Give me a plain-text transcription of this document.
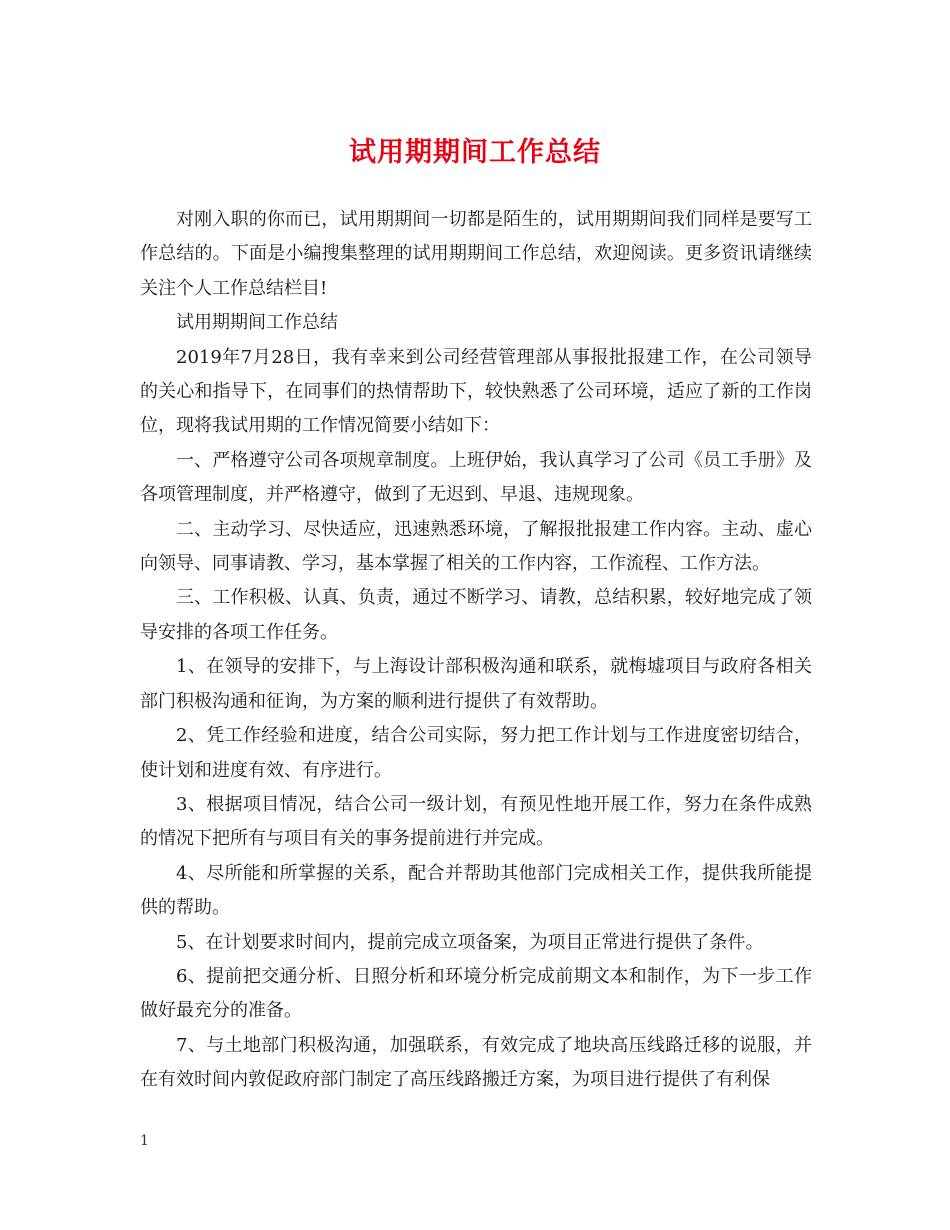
试用期期间工作总结

对刚入职的你而已，试用期期间一切都是陌生的，试用期期间我们同样是要写工作总结的。下面是小编搜集整理的试用期期间工作总结，欢迎阅读。更多资讯请继续关注个人工作总结栏目!

试用期期间工作总结

2019年7月28日，我有幸来到公司经营管理部从事报批报建工作，在公司领导的关心和指导下，在同事们的热情帮助下，较快熟悉了公司环境，适应了新的工作岗位，现将我试用期的工作情况简要小结如下：

一、严格遵守公司各项规章制度。上班伊始，我认真学习了公司《员工手册》及各项管理制度，并严格遵守，做到了无迟到、早退、违规现象。

二、主动学习、尽快适应，迅速熟悉环境，了解报批报建工作内容。主动、虚心向领导、同事请教、学习，基本掌握了相关的工作内容，工作流程、工作方法。

三、工作积极、认真、负责，通过不断学习、请教，总结积累，较好地完成了领导安排的各项工作任务。

1、在领导的安排下，与上海设计部积极沟通和联系，就梅墟项目与政府各相关部门积极沟通和征询，为方案的顺利进行提供了有效帮助。

2、凭工作经验和进度，结合公司实际，努力把工作计划与工作进度密切结合，使计划和进度有效、有序进行。

3、根据项目情况，结合公司一级计划，有预见性地开展工作，努力在条件成熟的情况下把所有与项目有关的事务提前进行并完成。

4、尽所能和所掌握的关系，配合并帮助其他部门完成相关工作，提供我所能提供的帮助。

5、在计划要求时间内，提前完成立项备案，为项目正常进行提供了条件。

6、提前把交通分析、日照分析和环境分析完成前期文本和制作，为下一步工作做好最充分的准备。

7、与土地部门积极沟通，加强联系，有效完成了地块高压线路迁移的说服，并在有效时间内敦促政府部门制定了高压线路搬迁方案，为项目进行提供了有利保

1
